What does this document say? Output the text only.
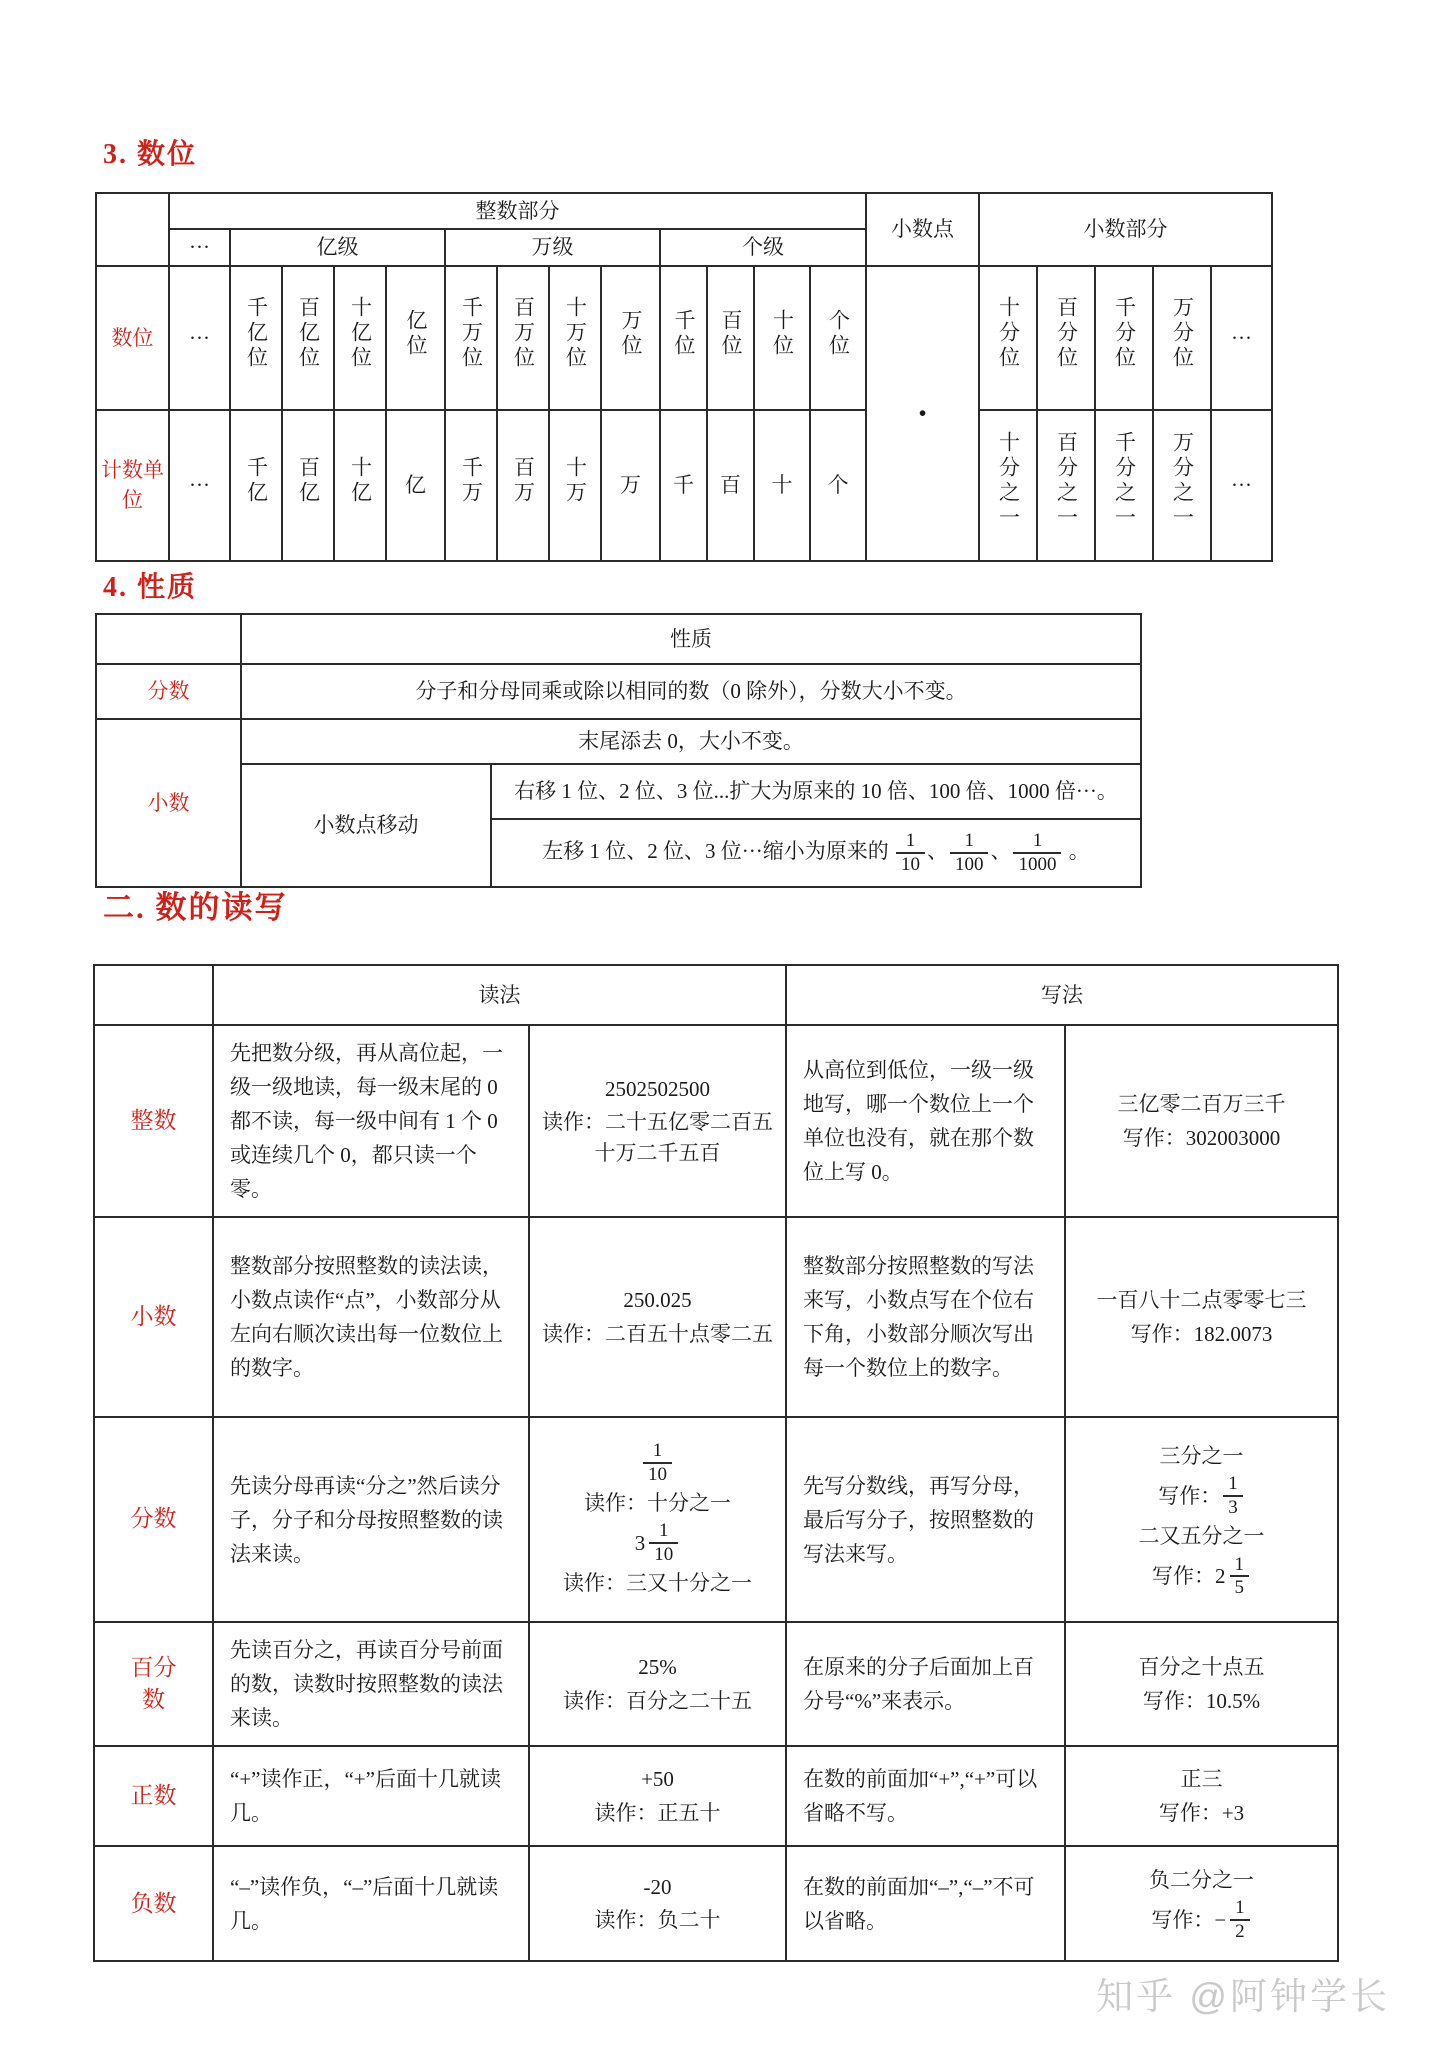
3. 数位
	整数部分													小数点	小数部分				
	···	亿级				万级				个级									
数位	···	千亿位	百亿位	十亿位	亿位	千万位	百万位	十万位	万位	千位	百位	十位	个位	•	十分位	百分位	千分位	万分位	···
计数单位	···	千亿	百亿	十亿	亿	千万	百万	十万	万	千	百	十	个		十分之一	百分之一	千分之一	万分之一	···
4. 性质
	性质	
分数	分子和分母同乘或除以相同的数（0 除外），分数大小不变。	
小数	末尾添去 0，大小不变。	
	小数点移动	右移 1 位、2 位、3 位...扩大为原来的 10 倍、100 倍、1000 倍···。
左移 1 位、2 位、3 位···缩小为原来的 $\frac{1}{10}$ 、 $\frac{1}{100}$ 、 $\frac{1}{1000}$ 。
二. 数的读写
	读法		写法	
整数	先把数分级，再从高位起，一级一级地读，每一级末尾的 0 都不读，每一级中间有 1 个 0 或连续几个 0，都只读一个零。	
2502502500
读作：二十五亿零二百五十万二千五百
	从高位到低位，一级一级地写，哪一个数位上一个单位也没有，就在那个数位上写 0。	
三亿零二百万三千
写作：302003000

小数	整数部分按照整数的读法读，小数点读作“点”，小数部分从左向右顺次读出每一位数位上的数字。	
250.025
读作：二百五十点零二五
	整数部分按照整数的写法来写，小数点写在个位右下角，小数部分顺次写出每一个数位上的数字。	
一百八十二点零零七三
写作：182.0073

分数	先读分母再读“分之”然后读分子，分子和分母按照整数的读法来读。	
$\frac{1}{10}$
读作：十分之一
$3 \frac{1}{10}$
读作：三又十分之一
	先写分数线，再写分母，最后写分子，按照整数的写法来写。	
三分之一
写作： $\frac{1}{3}$
二又五分之一
写作：$2 \frac{1}{5}$

百分数	先读百分之，再读百分号前面的数，读数时按照整数的读法来读。	
25%
读作：百分之二十五
	在原来的分子后面加上百分号“%”来表示。	
百分之十点五
写作：10.5%

正数	“+”读作正，“+”后面十几就读几。	
+50
读作：正五十
	在数的前面加“+”,“+”可以省略不写。	
正三
写作：+3

负数	“–”读作负，“–”后面十几就读几。	
-20
读作：负二十
	在数的前面加“–”,“–”不可以省略。	
负二分之一
写作：− $\frac{1}{2}$
知乎 @阿钟学长
